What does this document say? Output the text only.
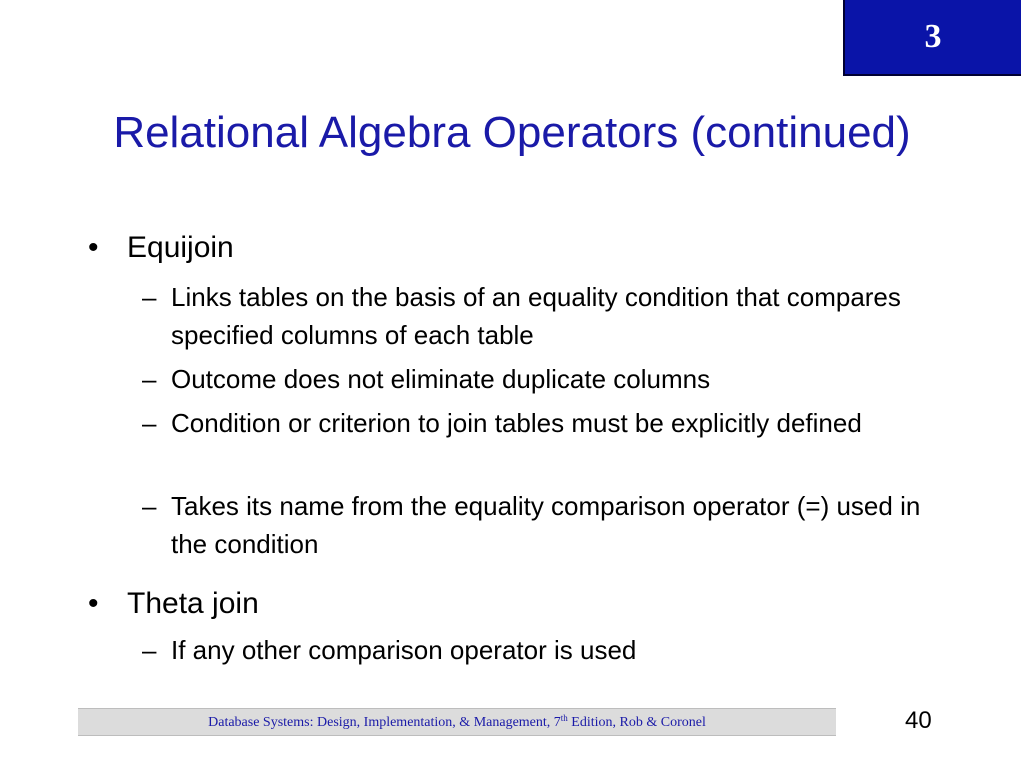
3
Relational Algebra Operators (continued)
• Equijoin
– Links tables on the basis of an equality condition that compares specified columns of each table
– Outcome does not eliminate duplicate columns
– Condition or criterion to join tables must be explicitly defined
– Takes its name from the equality comparison operator (=) used in the condition
• Theta join
– If any other comparison operator is used
Database Systems: Design, Implementation, & Management, 7th Edition, Rob & Coronel	40
